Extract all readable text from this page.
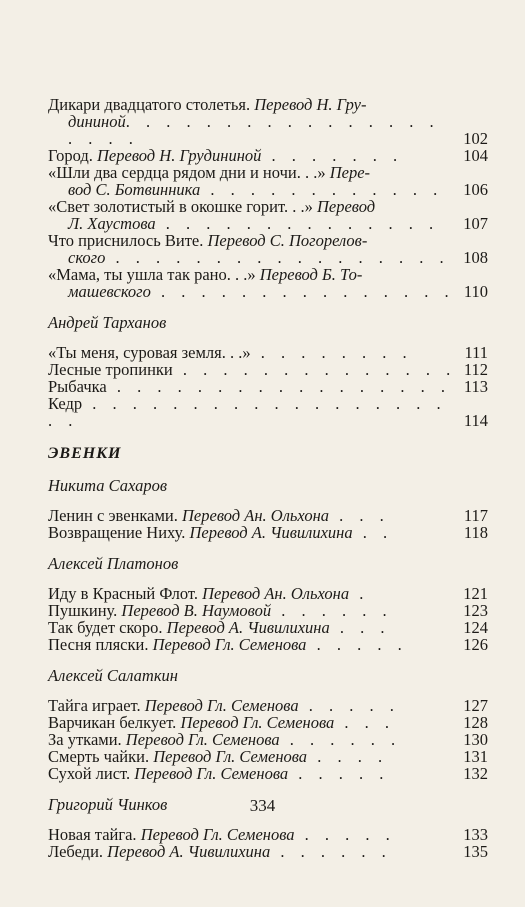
Дикари двадцатого столетья. Перевод Н. Гру-
дининой. . . . . . . . . . . . . . . . . . . .	102
Город. Перевод Н. Грудининой . . . . . . .	104
«Шли два сердца рядом дни и ночи. . .» Пере-
вод С. Ботвинника . . . . . . . . . . . .	106
«Свет золотистый в окошке горит. . .» Перевод
Л. Хаустова . . . . . . . . . . . . . .	107
Что приснилось Вите. Перевод С. Погорелов-
ского . . . . . . . . . . . . . . . . . 108
«Мама, ты ушла так рано. . .» Перевод Б. То-
машевского . . . . . . . . . . . . . . . 110
Андрей Тарханов
«Ты меня, суровая земля. . .» . . . . . . . .	111
Лесные тропинки . . . . . . . . . . . . . . 112
Рыбачка . . . . . . . . . . . . . . . . . 113
Кедр . . . . . . . . . . . . . . . . . . . .	114
ЭВЕНКИ
Никита Сахаров
Ленин с эвенками. Перевод Ан. Ольхона . . .	117
Возвращение Ниху. Перевод А. Чивилихина . .	118
Алексей Платонов
Иду в Красный Флот. Перевод Ан. Ольхона .	121
Пушкину. Перевод В. Наумовой . . . . . .	123
Так будет скоро. Перевод А. Чивилихина . . .	124
Песня пляски. Перевод Гл. Семенова . . . . .	126
Алексей Салаткин
Тайга играет. Перевод Гл. Семенова . . . . .	127
Варчикан белкует. Перевод Гл. Семенова . . .	128
За утками. Перевод Гл. Семенова . . . . . .	130
Смерть чайки. Перевод Гл. Семенова . . . .	131
Сухой лист. Перевод Гл. Семенова . . . . .	132
Григорий Чинков
Новая тайга. Перевод Гл. Семенова . . . . .	133
Лебеди. Перевод А. Чивилихина . . . . . .	135
334
